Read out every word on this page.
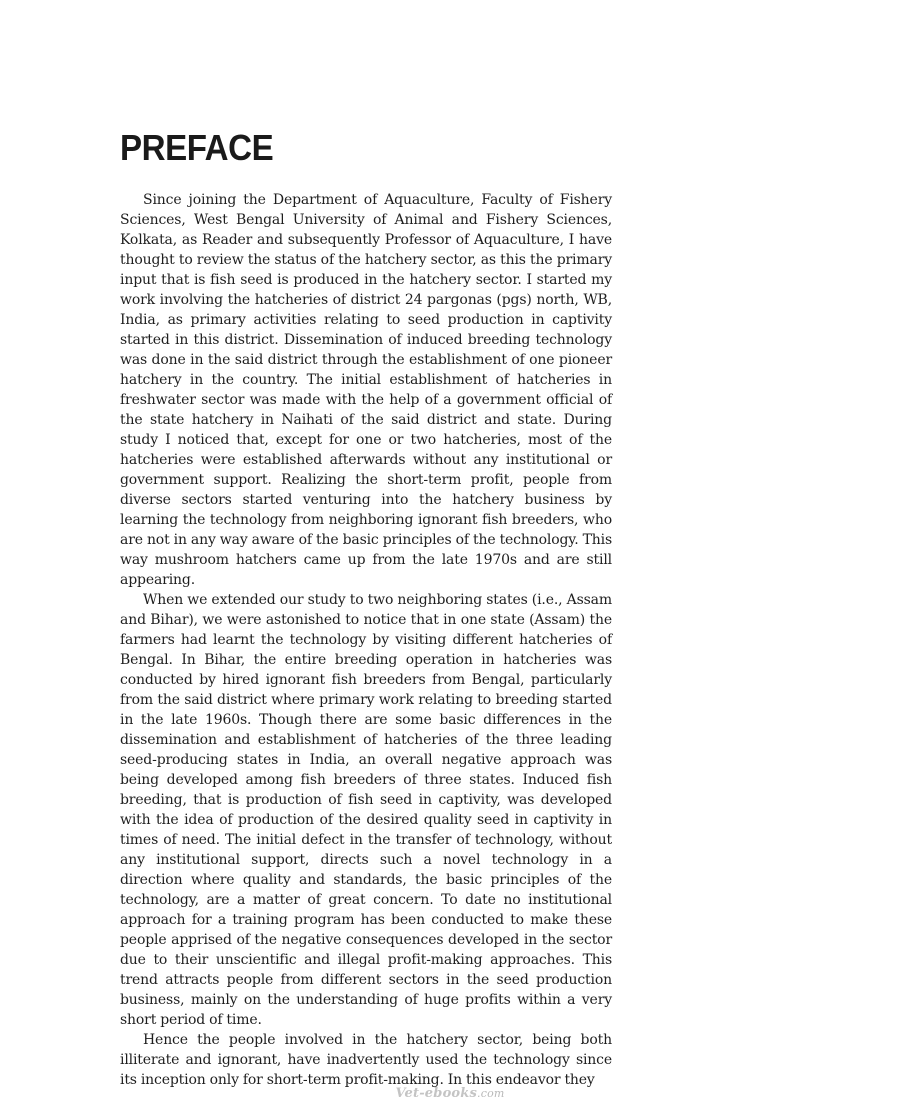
PREFACE

Since joining the Department of Aquaculture, Faculty of Fishery Sciences, West Bengal University of Animal and Fishery Sciences, Kolkata, as Reader and subsequently Professor of Aquaculture, I have thought to review the status of the hatchery sector, as this the primary input that is fish seed is produced in the hatchery sector. I started my work involving the hatcheries of district 24 pargonas (pgs) north, WB, India, as primary activities relating to seed production in captivity started in this district. Dissemination of induced breeding technology was done in the said district through the establishment of one pioneer hatchery in the country. The initial establishment of hatcheries in freshwater sector was made with the help of a government official of the state hatchery in Naihati of the said district and state. During study I noticed that, except for one or two hatcheries, most of the hatcheries were established afterwards without any institutional or government support. Realizing the short-term profit, people from diverse sectors started venturing into the hatchery business by learning the technology from neighboring ignorant fish breeders, who are not in any way aware of the basic principles of the technology. This way mushroom hatchers came up from the late 1970s and are still appearing.

When we extended our study to two neighboring states (i.e., Assam and Bihar), we were astonished to notice that in one state (Assam) the farmers had learnt the technology by visiting different hatcheries of Bengal. In Bihar, the entire breeding operation in hatcheries was conducted by hired ignorant fish breeders from Bengal, particularly from the said district where primary work relating to breeding started in the late 1960s. Though there are some basic differences in the dissemination and establishment of hatcheries of the three leading seed-producing states in India, an overall negative approach was being developed among fish breeders of three states. Induced fish breeding, that is production of fish seed in captivity, was developed with the idea of production of the desired quality seed in captivity in times of need. The initial defect in the transfer of technology, without any institutional support, directs such a novel technology in a direction where quality and standards, the basic principles of the technology, are a matter of great concern. To date no institutional approach for a training program has been conducted to make these people apprised of the negative consequences developed in the sector due to their unscientific and illegal profit-making approaches. This trend attracts people from different sectors in the seed production business, mainly on the understanding of huge profits within a very short period of time.

Hence the people involved in the hatchery sector, being both illiterate and ignorant, have inadvertently used the technology since its inception only for short-term profit-making. In this endeavor they

Vet-ebooks.com
